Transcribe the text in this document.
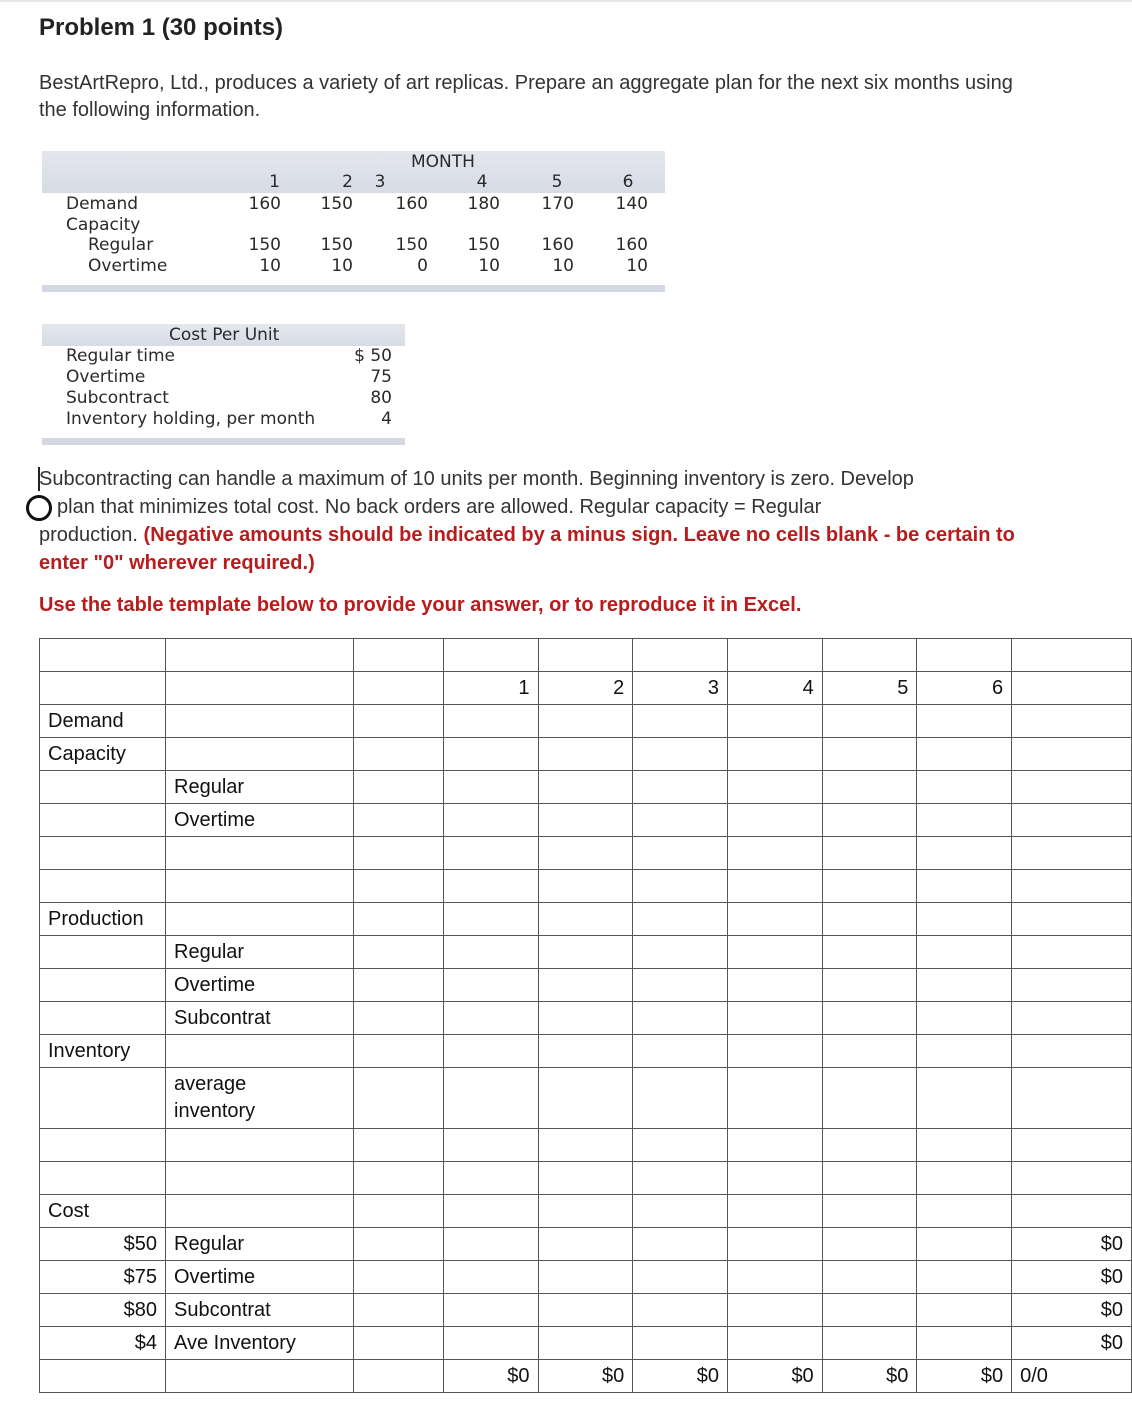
Problem 1 (30 points)
BestArtRepro, Ltd., produces a variety of art replicas. Prepare an aggregate plan for the next six months using the following information.
MONTH
1	2	3	4	5	6
Demand	160	150	160	180	170	140
Capacity
Regular	150	150	150	150	160	160
Overtime	10	10	0	10	10	10
Cost Per Unit
Regular time	$ 50
Overtime	75
Subcontract	80
Inventory holding, per month	4
Subcontracting can handle a maximum of 10 units per month. Beginning inventory is zero. Develop
plan that minimizes total cost. No back orders are allowed. Regular capacity = Regular
production. (Negative amounts should be indicated by a minus sign. Leave no cells blank - be certain to enter "0" wherever required.)
Use the table template below to provide your answer, or to reproduce it in Excel.

			1	2	3	4	5	6	
Demand									
Capacity									
	Regular								
	Overtime								

Production									
	Regular								
	Overtime								
	Subcontrat								
Inventory									
	average
inventory								

Cost									
$50	Regular								$0
$75	Overtime								$0
$80	Subcontrat								$0
$4	Ave Inventory								$0
			$0	$0	$0	$0	$0	$0	0/0
